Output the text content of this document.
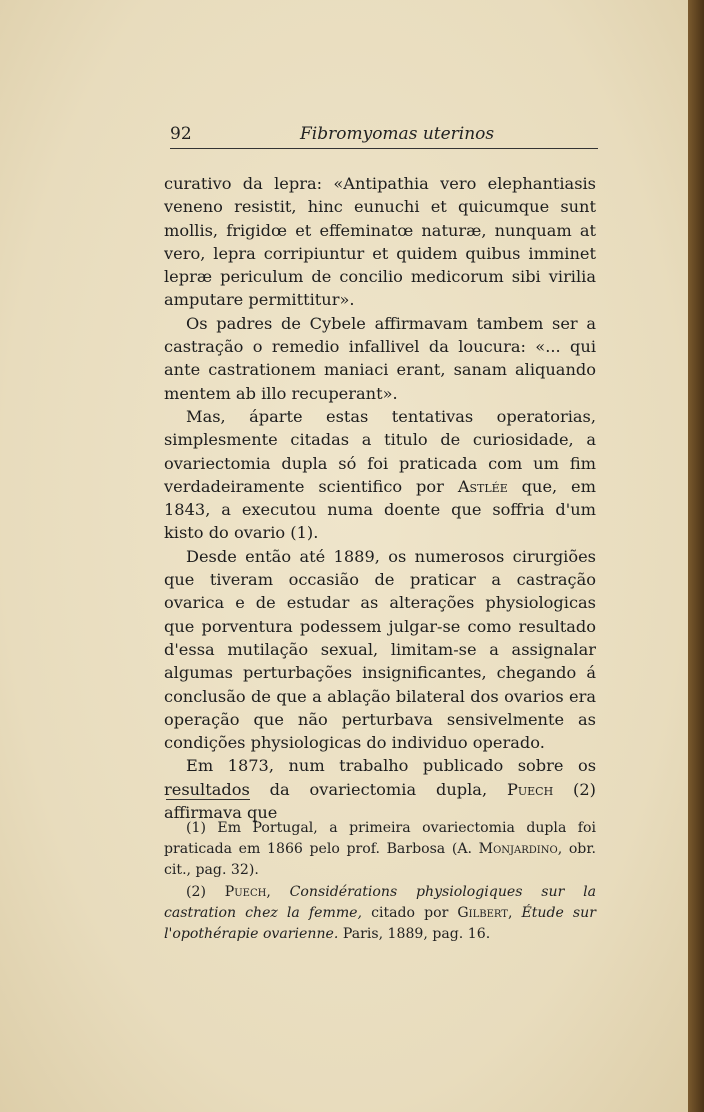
92	Fibromyomas uterinos

curativo da lepra: «Antipathia vero elephantiasis veneno resistit, hinc eunuchi et quicumque sunt mollis, frigidœ et effeminatœ naturæ, nunquam at vero, lepra corripiuntur et quidem quibus imminet lepræ periculum de concilio medicorum sibi virilia amputare permittitur».

Os padres de Cybele affirmavam tambem ser a castração o remedio infallivel da loucura: «... qui ante castrationem maniaci erant, sanam aliquando mentem ab illo recuperant».

Mas, áparte estas tentativas operatorias, simplesmente citadas a titulo de curiosidade, a ovariectomia dupla só foi praticada com um fim verdadeiramente scientifico por Astlée que, em 1843, a executou numa doente que soffria d'um kisto do ovario (1).

Desde então até 1889, os numerosos cirurgiões que tiveram occasião de praticar a castração ovarica e de estudar as alterações physiologicas que porventura podessem julgar-se como resultado d'essa mutilação sexual, limitam-se a assignalar algumas perturbações insignificantes, chegando á conclusão de que a ablação bilateral dos ovarios era operação que não perturbava sensivelmente as condições physiologicas do individuo operado.

Em 1873, num trabalho publicado sobre os resultados da ovariectomia dupla, Puech (2) affirmava que

(1) Em Portugal, a primeira ovariectomia dupla foi praticada em 1866 pelo prof. Barbosa (A. Monjardino, obr. cit., pag. 32).

(2) Puech, Considérations physiologiques sur la castration chez la femme, citado por Gilbert, Étude sur l'opothérapie ovarienne. Paris, 1889, pag. 16.
